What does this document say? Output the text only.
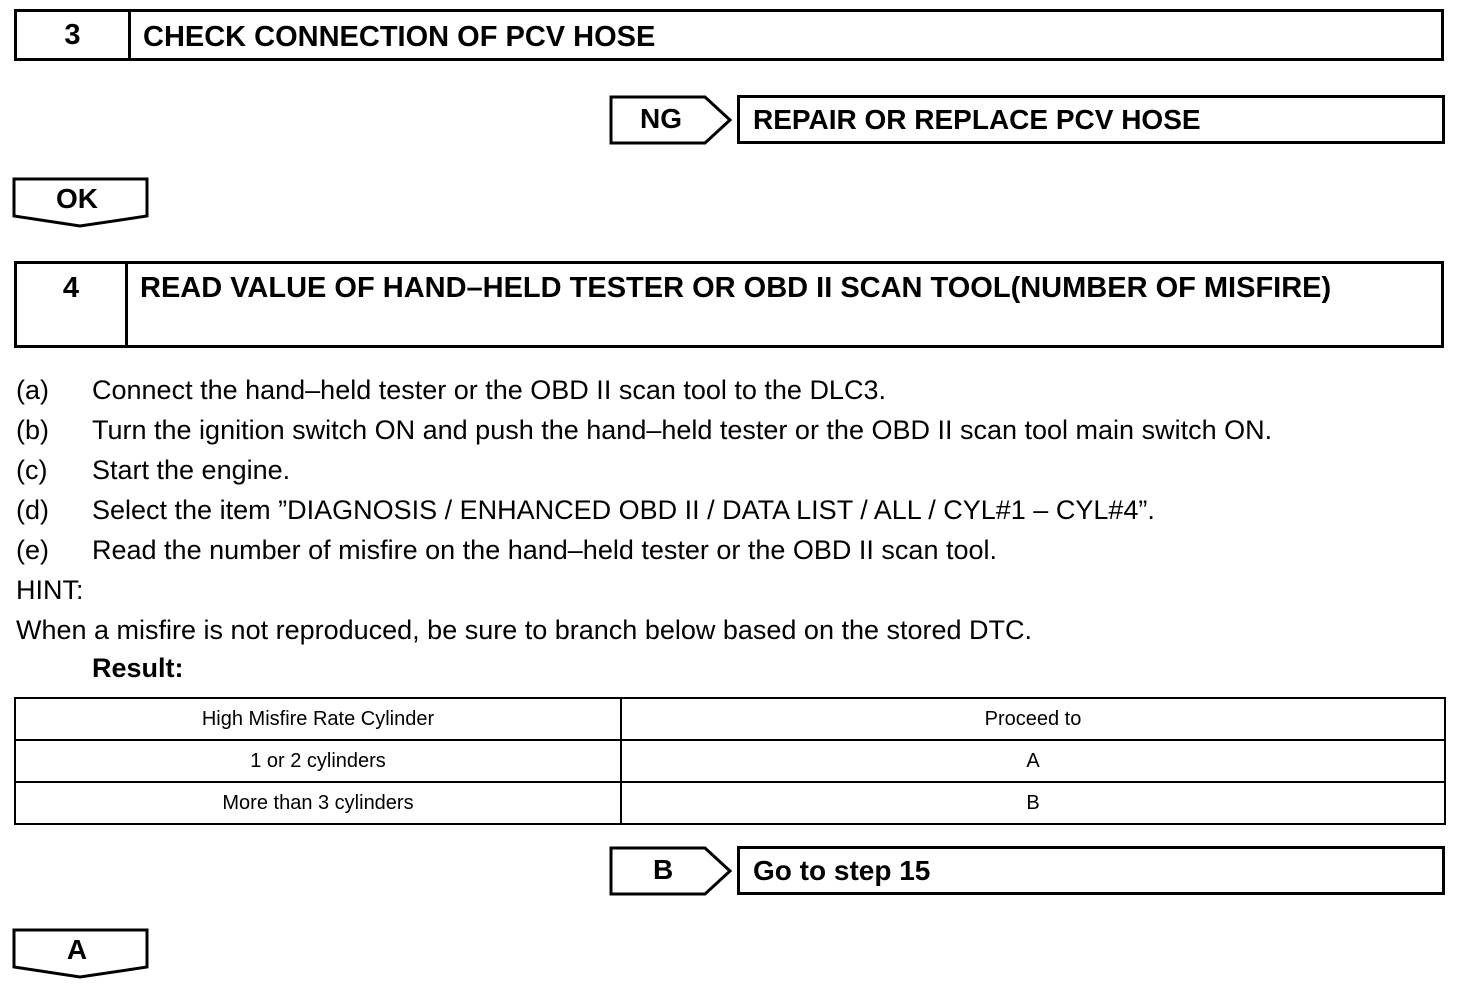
3	CHECK CONNECTION OF PCV HOSE
NG	REPAIR OR REPLACE PCV HOSE
OK
4	READ VALUE OF HAND–HELD TESTER OR OBD II SCAN TOOL(NUMBER OF MISFIRE)
(a) Connect the hand–held tester or the OBD II scan tool to the DLC3.
(b) Turn the ignition switch ON and push the hand–held tester or the OBD II scan tool main switch ON.
(c) Start the engine.
(d) Select the item ”DIAGNOSIS / ENHANCED OBD II / DATA LIST / ALL / CYL#1 – CYL#4”.
(e) Read the number of misfire on the hand–held tester or the OBD II scan tool.
HINT:
When a misfire is not reproduced, be sure to branch below based on the stored DTC.
Result:
High Misfire Rate Cylinder	Proceed to
1 or 2 cylinders	A
More than 3 cylinders	B
B	Go to step 15
A
